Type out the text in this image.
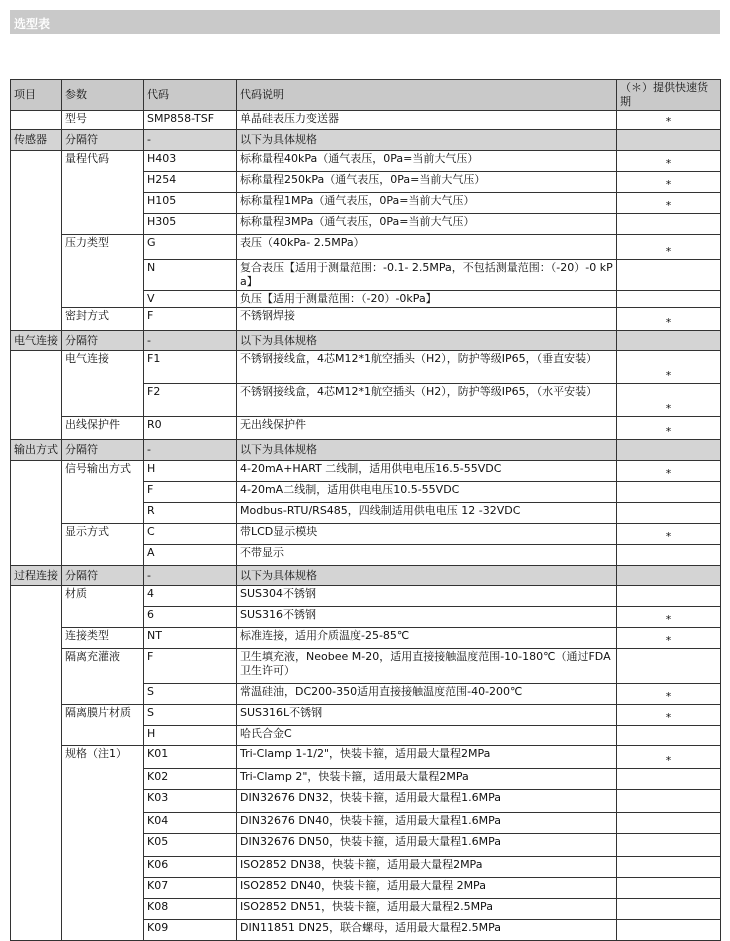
选型表
项目	参数	代码	代码说明	（＊）提供快速货期
	型号	SMP858-TSF	单晶硅表压力变送器	*
传感器	分隔符	-	以下为具体规格	
	量程代码	H403	标称量程40kPa（通气表压，0Pa=当前大气压）	*
		H254	标称量程250kPa（通气表压，0Pa=当前大气压）	*
		H105	标称量程1MPa（通气表压，0Pa=当前大气压）	*
		H305	标称量程3MPa（通气表压，0Pa=当前大气压）	
	压力类型	G	表压（40kPa- 2.5MPa）	*
		N	复合表压【适用于测量范围：-0.1- 2.5MPa，不包括测量范围：（-20）-0 kPa】	
		V	负压【适用于测量范围：（-20）-0kPa】	
	密封方式	F	不锈钢焊接	*
电气连接	分隔符	-	以下为具体规格	
	电气连接	F1	不锈钢接线盒，4芯M12*1航空插头（H2），防护等级IP65，（垂直安装）	*
		F2	不锈钢接线盒，4芯M12*1航空插头（H2），防护等级IP65，（水平安装）	*
	出线保护件	R0	无出线保护件	*
输出方式	分隔符	-	以下为具体规格	
	信号输出方式	H	4-20mA+HART 二线制，适用供电电压16.5-55VDC	*
		F	4-20mA二线制，适用供电电压10.5-55VDC	
		R	Modbus-RTU/RS485，四线制适用供电电压 12 -32VDC	
	显示方式	C	带LCD显示模块	*
		A	不带显示	
过程连接	分隔符	-	以下为具体规格	
	材质	4	SUS304不锈钢	
		6	SUS316不锈钢	*
	连接类型	NT	标准连接，适用介质温度-25-85℃	*
	隔离充灌液	F	卫生填充液，Neobee M-20，适用直接接触温度范围-10-180℃（通过FDA卫生许可）	
		S	常温硅油，DC200-350适用直接接触温度范围-40-200℃	*
	隔离膜片材质	S	SUS316L不锈钢	*
		H	哈氏合金C	
	规格（注1）	K01	Tri-Clamp 1-1/2"，快装卡箍，适用最大量程2MPa	*
		K02	Tri-Clamp 2"，快装卡箍，适用最大量程2MPa	
		K03	DIN32676 DN32，快装卡箍，适用最大量程1.6MPa	
		K04	DIN32676 DN40，快装卡箍，适用最大量程1.6MPa	
		K05	DIN32676 DN50，快装卡箍，适用最大量程1.6MPa	
		K06	ISO2852 DN38，快装卡箍，适用最大量程2MPa	
		K07	ISO2852 DN40，快装卡箍，适用最大量程 2MPa	
		K08	ISO2852 DN51，快装卡箍，适用最大量程2.5MPa	
		K09	DIN11851 DN25，联合螺母，适用最大量程2.5MPa	
